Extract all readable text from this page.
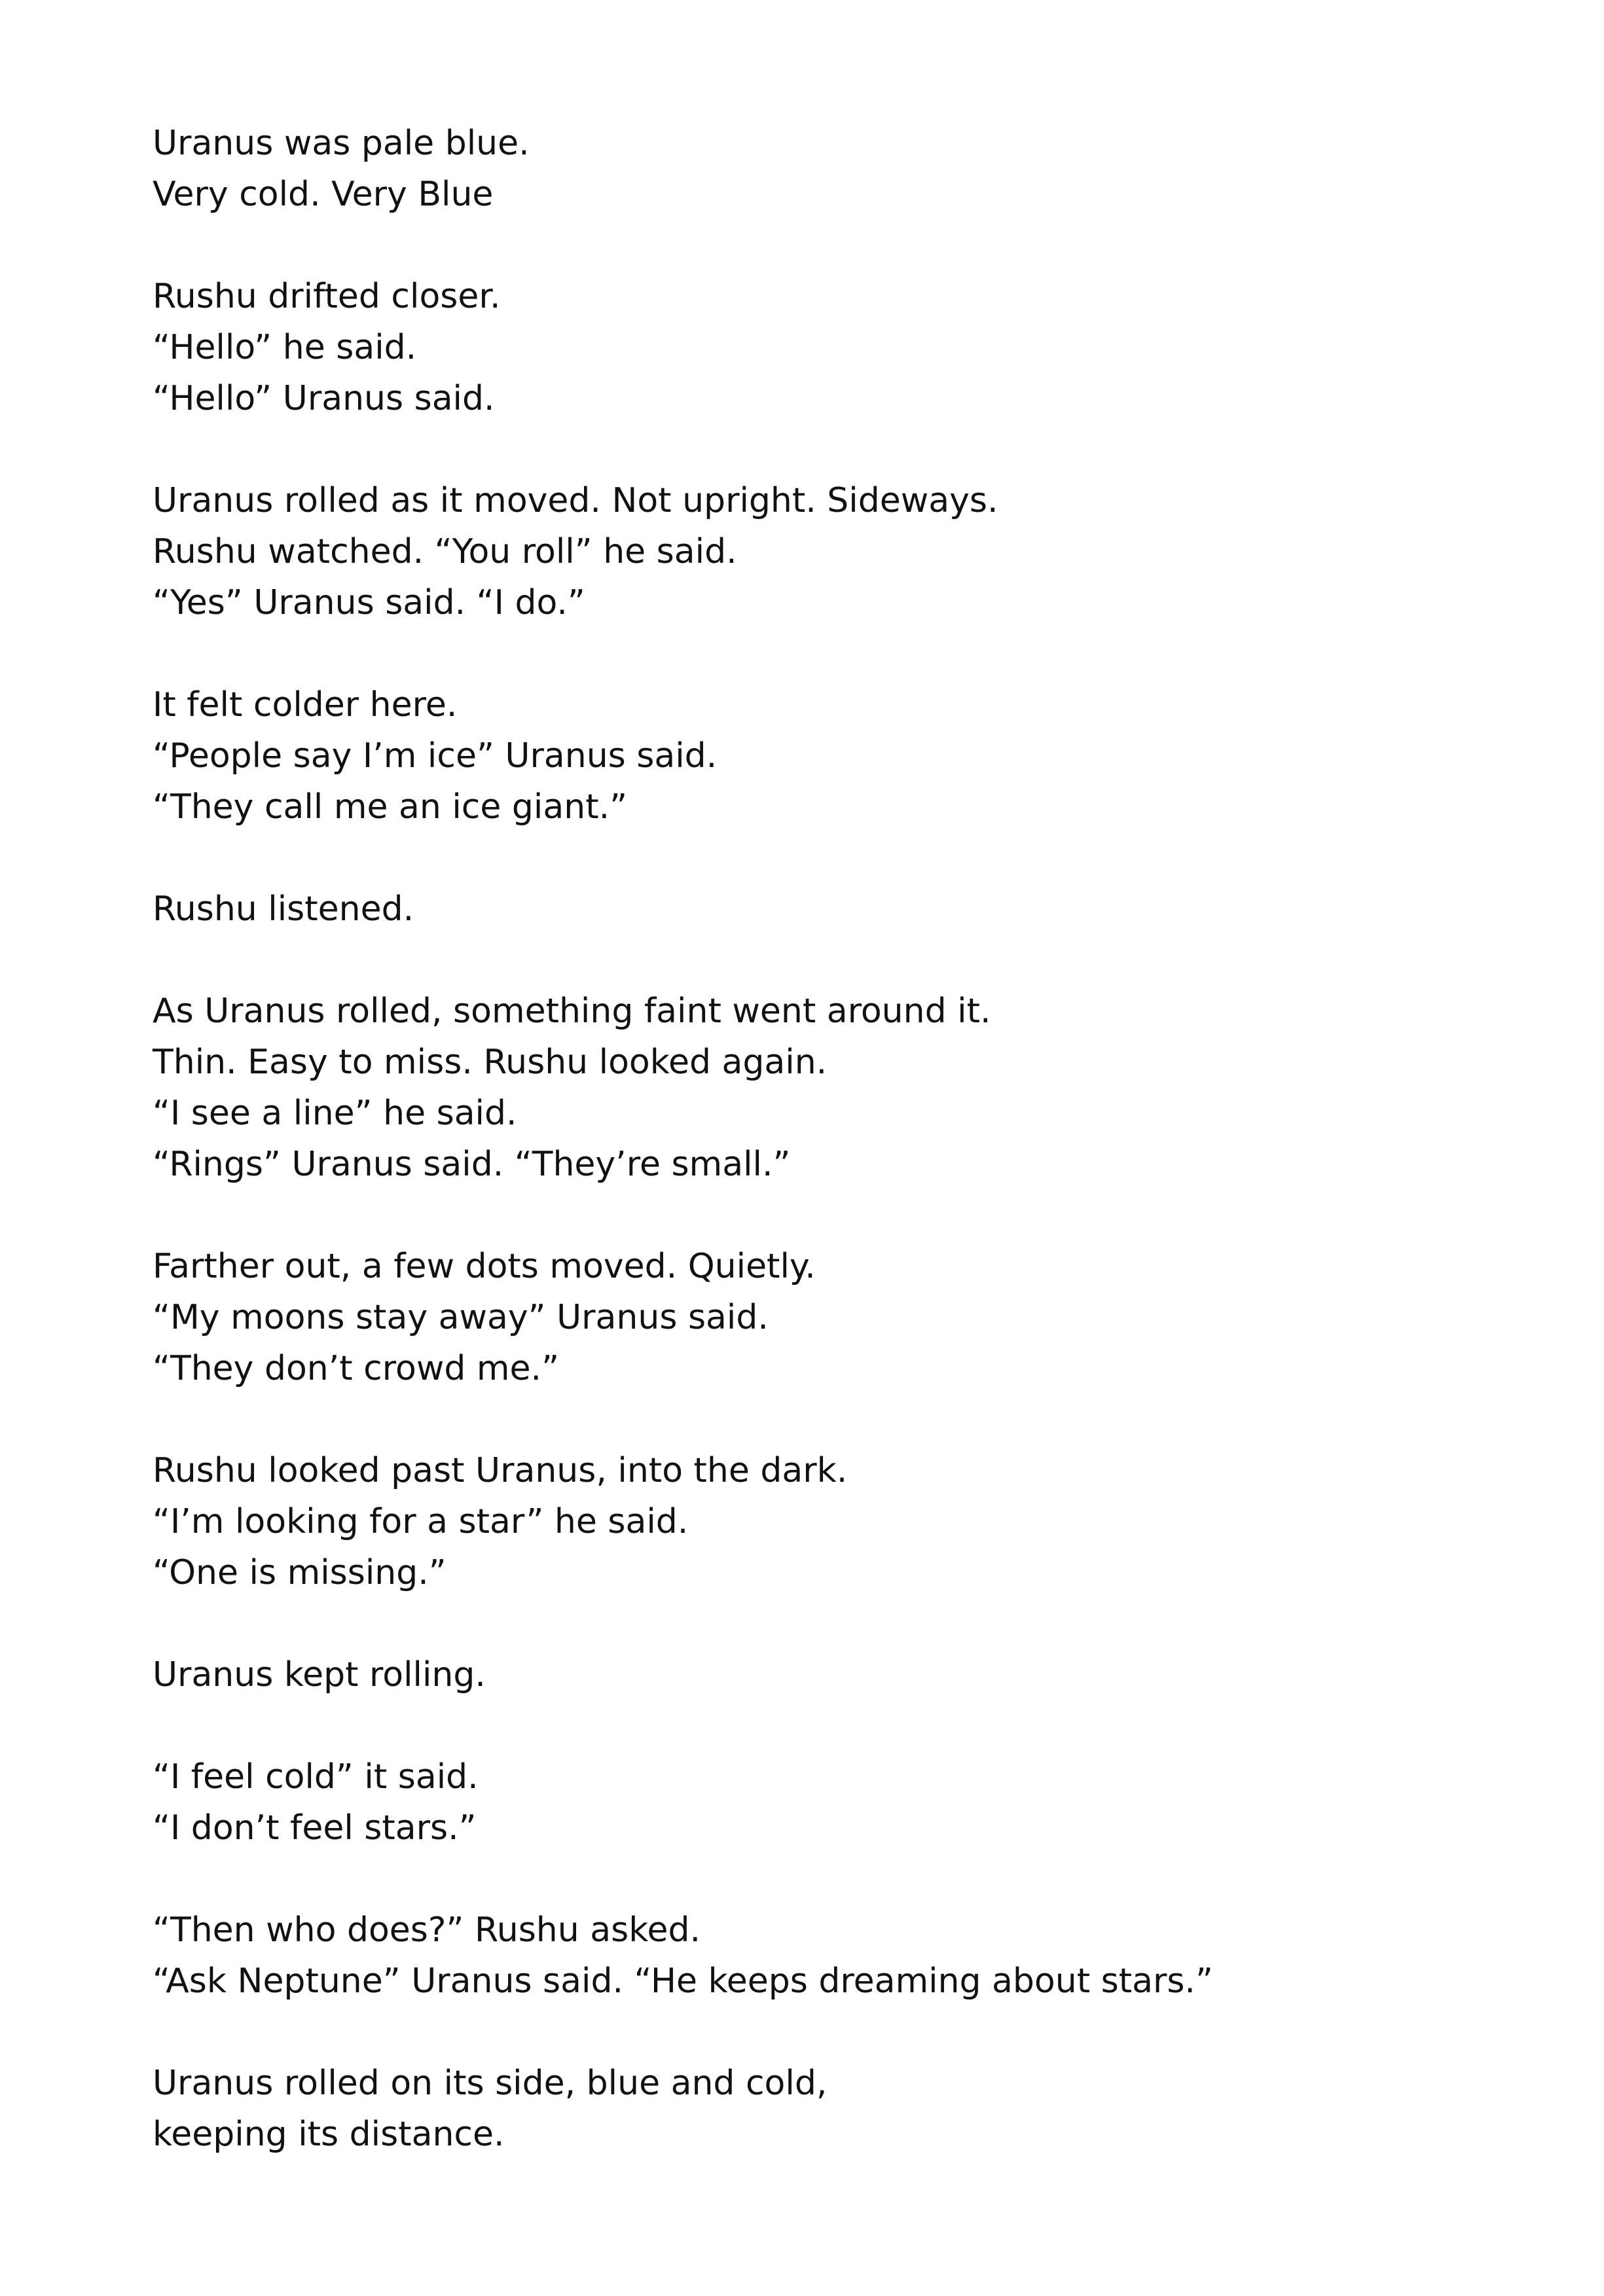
Uranus was pale blue.
Very cold. Very Blue

Rushu drifted closer.
“Hello” he said.
“Hello” Uranus said.

Uranus rolled as it moved. Not upright. Sideways.
Rushu watched. “You roll” he said.
“Yes” Uranus said. “I do.”

It felt colder here.
“People say I’m ice” Uranus said.
“They call me an ice giant.”

Rushu listened.

As Uranus rolled, something faint went around it.
Thin. Easy to miss. Rushu looked again.
“I see a line” he said.
“Rings” Uranus said. “They’re small.”

Farther out, a few dots moved. Quietly.
“My moons stay away” Uranus said.
“They don’t crowd me.”

Rushu looked past Uranus, into the dark.
“I’m looking for a star” he said.
“One is missing.”

Uranus kept rolling.

“I feel cold” it said.
“I don’t feel stars.”

“Then who does?” Rushu asked.
“Ask Neptune” Uranus said. “He keeps dreaming about stars.”

Uranus rolled on its side, blue and cold,
keeping its distance.
